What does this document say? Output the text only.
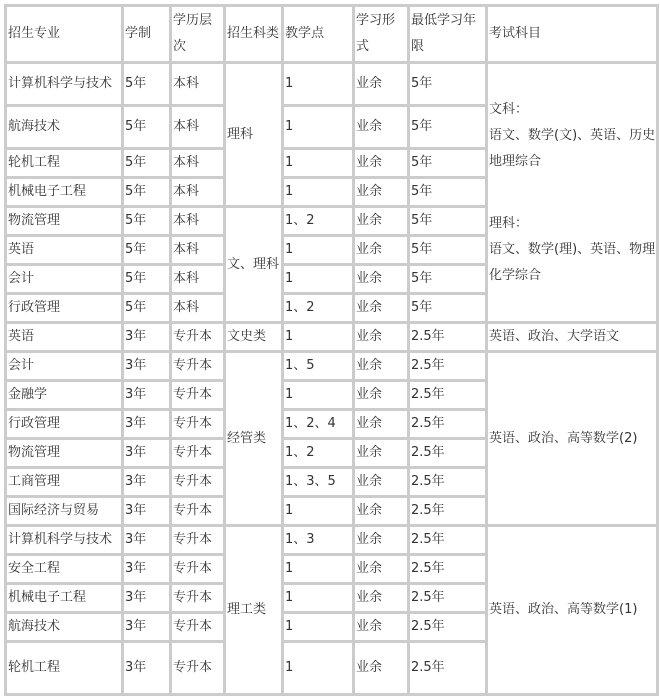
招生专业	学制	学历层次	招生科类	教学点	学习形式	最低学习年限	考试科目
计算机科学与技术	5年	本科	理科	1	业余	5年	文科：
语文、数学(文)、英语、历史地理综合
理科：
语文、数学(理)、英语、物理化学综合

航海技术	5年	本科		1	业余	5年	
轮机工程	5年	本科		1	业余	5年	
机械电子工程	5年	本科		1	业余	5年	
物流管理	5年	本科	文、理科	1、2	业余	5年	
英语	5年	本科		1	业余	5年	
会计	5年	本科		1	业余	5年	
行政管理	5年	本科		1、2	业余	5年	
英语	3年	专升本	文史类	1	业余	2.5年	英语、政治、大学语文
会计	3年	专升本	经管类	1、5	业余	2.5年	英语、政治、高等数学(2)
金融学	3年	专升本		1	业余	2.5年	
行政管理	3年	专升本		1、2、4	业余	2.5年	
物流管理	3年	专升本		1、2	业余	2.5年	
工商管理	3年	专升本		1、3、5	业余	2.5年	
国际经济与贸易	3年	专升本		1	业余	2.5年	
计算机科学与技术	3年	专升本	理工类	1、3	业余	2.5年	英语、政治、高等数学(1)
安全工程	3年	专升本		1	业余	2.5年	
机械电子工程	3年	专升本		1	业余	2.5年	
航海技术	3年	专升本		1	业余	2.5年	
轮机工程	3年	专升本		1	业余	2.5年	
